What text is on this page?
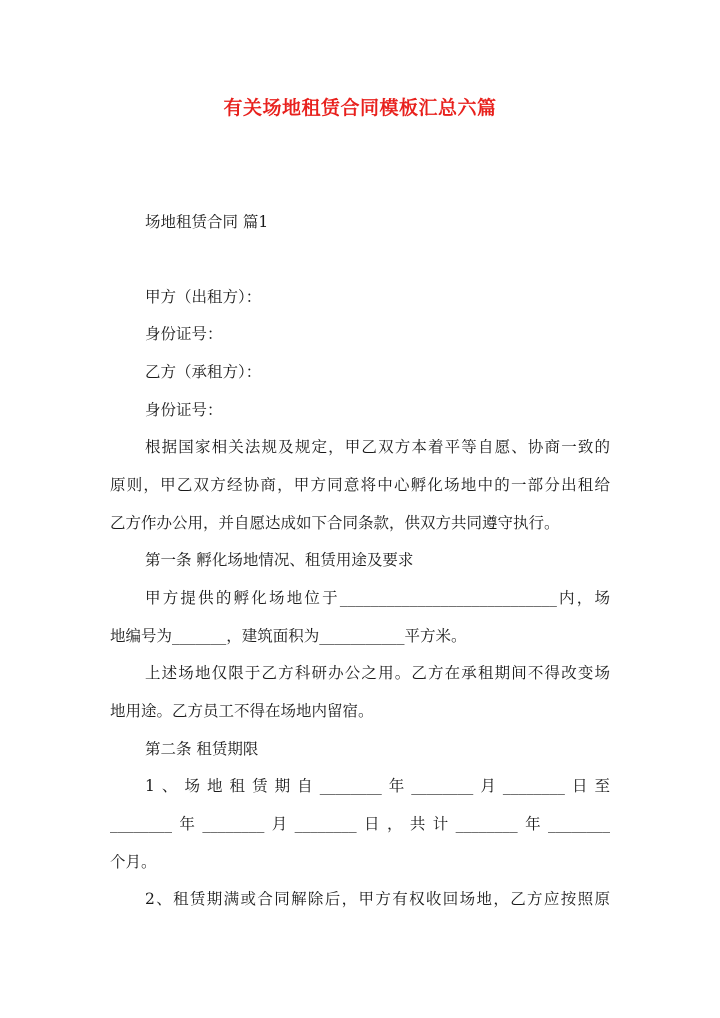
有关场地租赁合同模板汇总六篇
场地租赁合同 篇1
甲方（出租方）：
身份证号：
乙方（承租方）：
身份证号：
根据国家相关法规及规定，甲乙双方本着平等自愿、协商一致的
原则，甲乙双方经协商，甲方同意将中心孵化场地中的一部分出租给
乙方作办公用，并自愿达成如下合同条款，供双方共同遵守执行。
第一条 孵化场地情况、租赁用途及要求
甲方提供的孵化场地位于____________________________内，场
地编号为_______，建筑面积为___________平方米。
上述场地仅限于乙方科研办公之用。乙方在承租期间不得改变场
地用途。乙方员工不得在场地内留宿。
第二条 租赁期限
1、场地租赁期自________年________月________日至
________年________月________日，共计________年________
个月。
2、租赁期满或合同解除后，甲方有权收回场地，乙方应按照原
